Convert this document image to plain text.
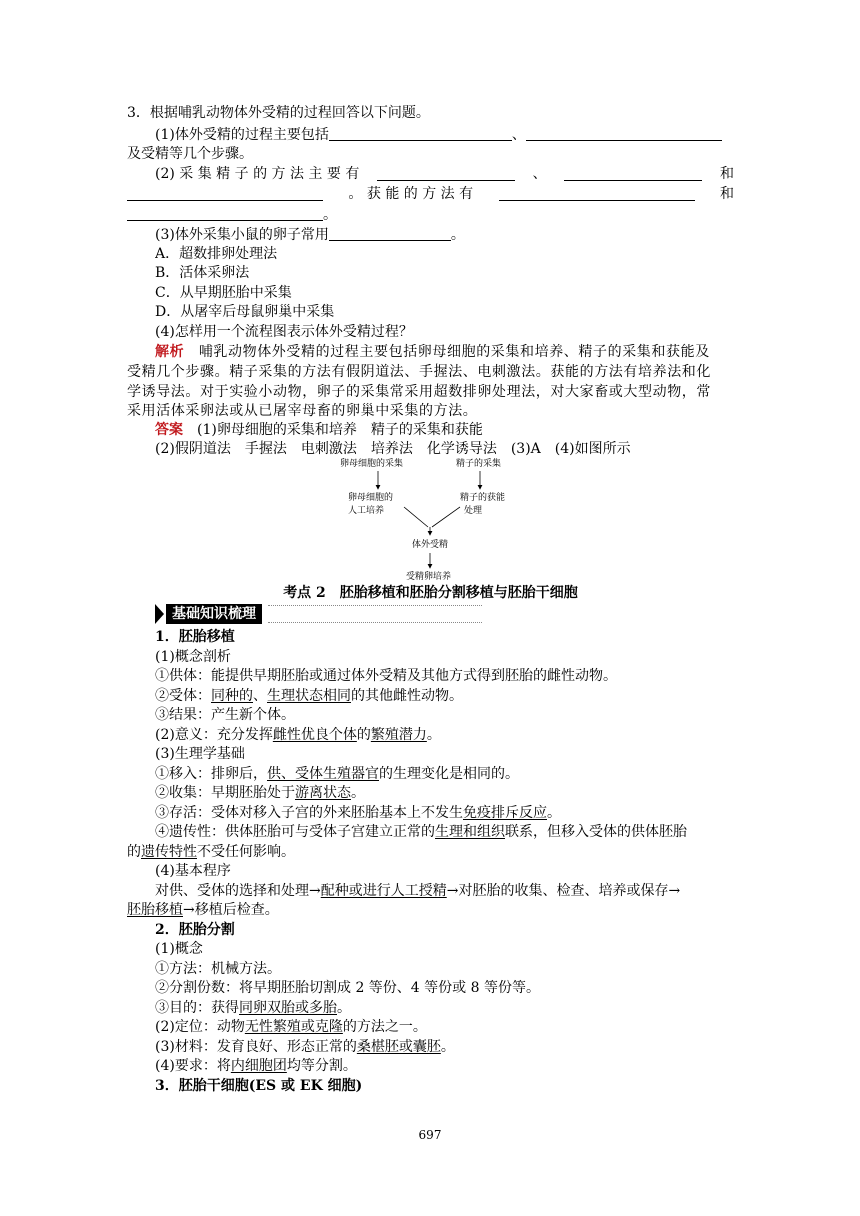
3．根据哺乳动物体外受精的过程回答以下问题。
(1)体外受精的过程主要包括	、
及受精等几个步骤。
(2) 采 集 精 子 的 方 法 主 要 有	、	和
。 获 能 的 方 法 有	和
。
(3)体外采集小鼠的卵子常用	。
A．超数排卵处理法
B．活体采卵法
C．从早期胚胎中采集
D．从屠宰后母鼠卵巢中采集
(4)怎样用一个流程图表示体外受精过程？
解析　 哺乳动物体外受精的过程主要包括卵母细胞的采集和培养、精子的采集和获能及
受精几个步骤。精子采集的方法有假阴道法、手握法、电刺激法。获能的方法有培养法和化
学诱导法。对于实验小动物，卵子的采集常采用超数排卵处理法，对大家畜或大型动物，常
采用活体采卵法或从已屠宰母畜的卵巢中采集的方法。
答案　 (1)卵母细胞的采集和培养　精子的采集和获能
(2)假阴道法　手握法　电刺激法　培养法　化学诱导法　(3)A　(4)如图所示
卵母细胞的采集	精子的采集
卵母细胞的
人工培养
精子的获能
处理
体外受精
受精卵培养
考点 2　胚胎移植和胚胎分割移植与胚胎干细胞
基础知识梳理
1．胚胎移植
(1)概念剖析
①供体：能提供早期胚胎或通过体外受精及其他方式得到胚胎的雌性动物。
②受体：同种的、生理状态相同的其他雌性动物。
③结果：产生新个体。
(2)意义：充分发挥雌性优良个体的繁殖潜力。
(3)生理学基础
①移入：排卵后，供、受体生殖器官的生理变化是相同的。
②收集：早期胚胎处于游离状态。
③存活：受体对移入子宫的外来胚胎基本上不发生免疫排斥反应。
④遗传性：供体胚胎可与受体子宫建立正常的生理和组织联系，但移入受体的供体胚胎
的遗传特性不受任何影响。
(4)基本程序
对供、受体的选择和处理→配种或进行人工授精→对胚胎的收集、检查、培养或保存→
胚胎移植→移植后检查。
2．胚胎分割
(1)概念
①方法：机械方法。
②分割份数：将早期胚胎切割成 2 等份、4 等份或 8 等份等。
③目的：获得同卵双胎或多胎。
(2)定位：动物无性繁殖或克隆的方法之一。
(3)材料：发育良好、形态正常的桑椹胚或囊胚。
(4)要求：将内细胞团均等分割。
3．胚胎干细胞(ES 或 EK 细胞)
697
